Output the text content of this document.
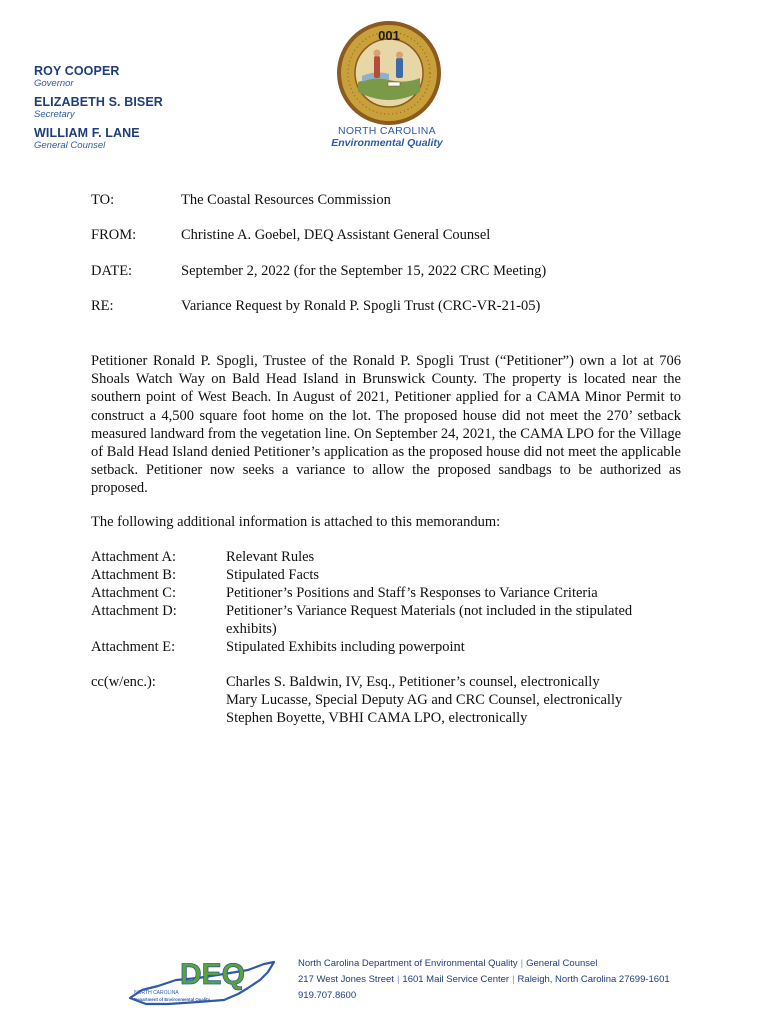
ROY COOPER
Governor
ELIZABETH S. BISER
Secretary
WILLIAM F. LANE
General Counsel
001
NORTH CAROLINA
Environmental Quality
TO:	The Coastal Resources Commission
FROM:	Christine A. Goebel, DEQ Assistant General Counsel
DATE:	September 2, 2022 (for the September 15, 2022 CRC Meeting)
RE:	Variance Request by Ronald P. Spogli Trust (CRC-VR-21-05)
Petitioner Ronald P. Spogli, Trustee of the Ronald P. Spogli Trust (“Petitioner”) own a lot at 706 Shoals Watch Way on Bald Head Island in Brunswick County. The property is located near the southern point of West Beach. In August of 2021, Petitioner applied for a CAMA Minor Permit to construct a 4,500 square foot home on the lot. The proposed house did not meet the 270’ setback measured landward from the vegetation line. On September 24, 2021, the CAMA LPO for the Village of Bald Head Island denied Petitioner’s application as the proposed house did not meet the applicable setback. Petitioner now seeks a variance to allow the proposed sandbags to be authorized as proposed.
The following additional information is attached to this memorandum:
Attachment A:	Relevant Rules
Attachment B:	Stipulated Facts
Attachment C:	Petitioner’s Positions and Staff’s Responses to Variance Criteria
Attachment D:	Petitioner’s Variance Request Materials (not included in the stipulated exhibits)
Attachment E:	Stipulated Exhibits including powerpoint
cc(w/enc.):	Charles S. Baldwin, IV, Esq., Petitioner’s counsel, electronically
Mary Lucasse, Special Deputy AG and CRC Counsel, electronically
Stephen Boyette, VBHI CAMA LPO, electronically
DEQ
NORTH CAROLINA
Department of Environmental Quality
North Carolina Department of Environmental Quality | General Counsel
217 West Jones Street | 1601 Mail Service Center | Raleigh, North Carolina 27699-1601
919.707.8600
